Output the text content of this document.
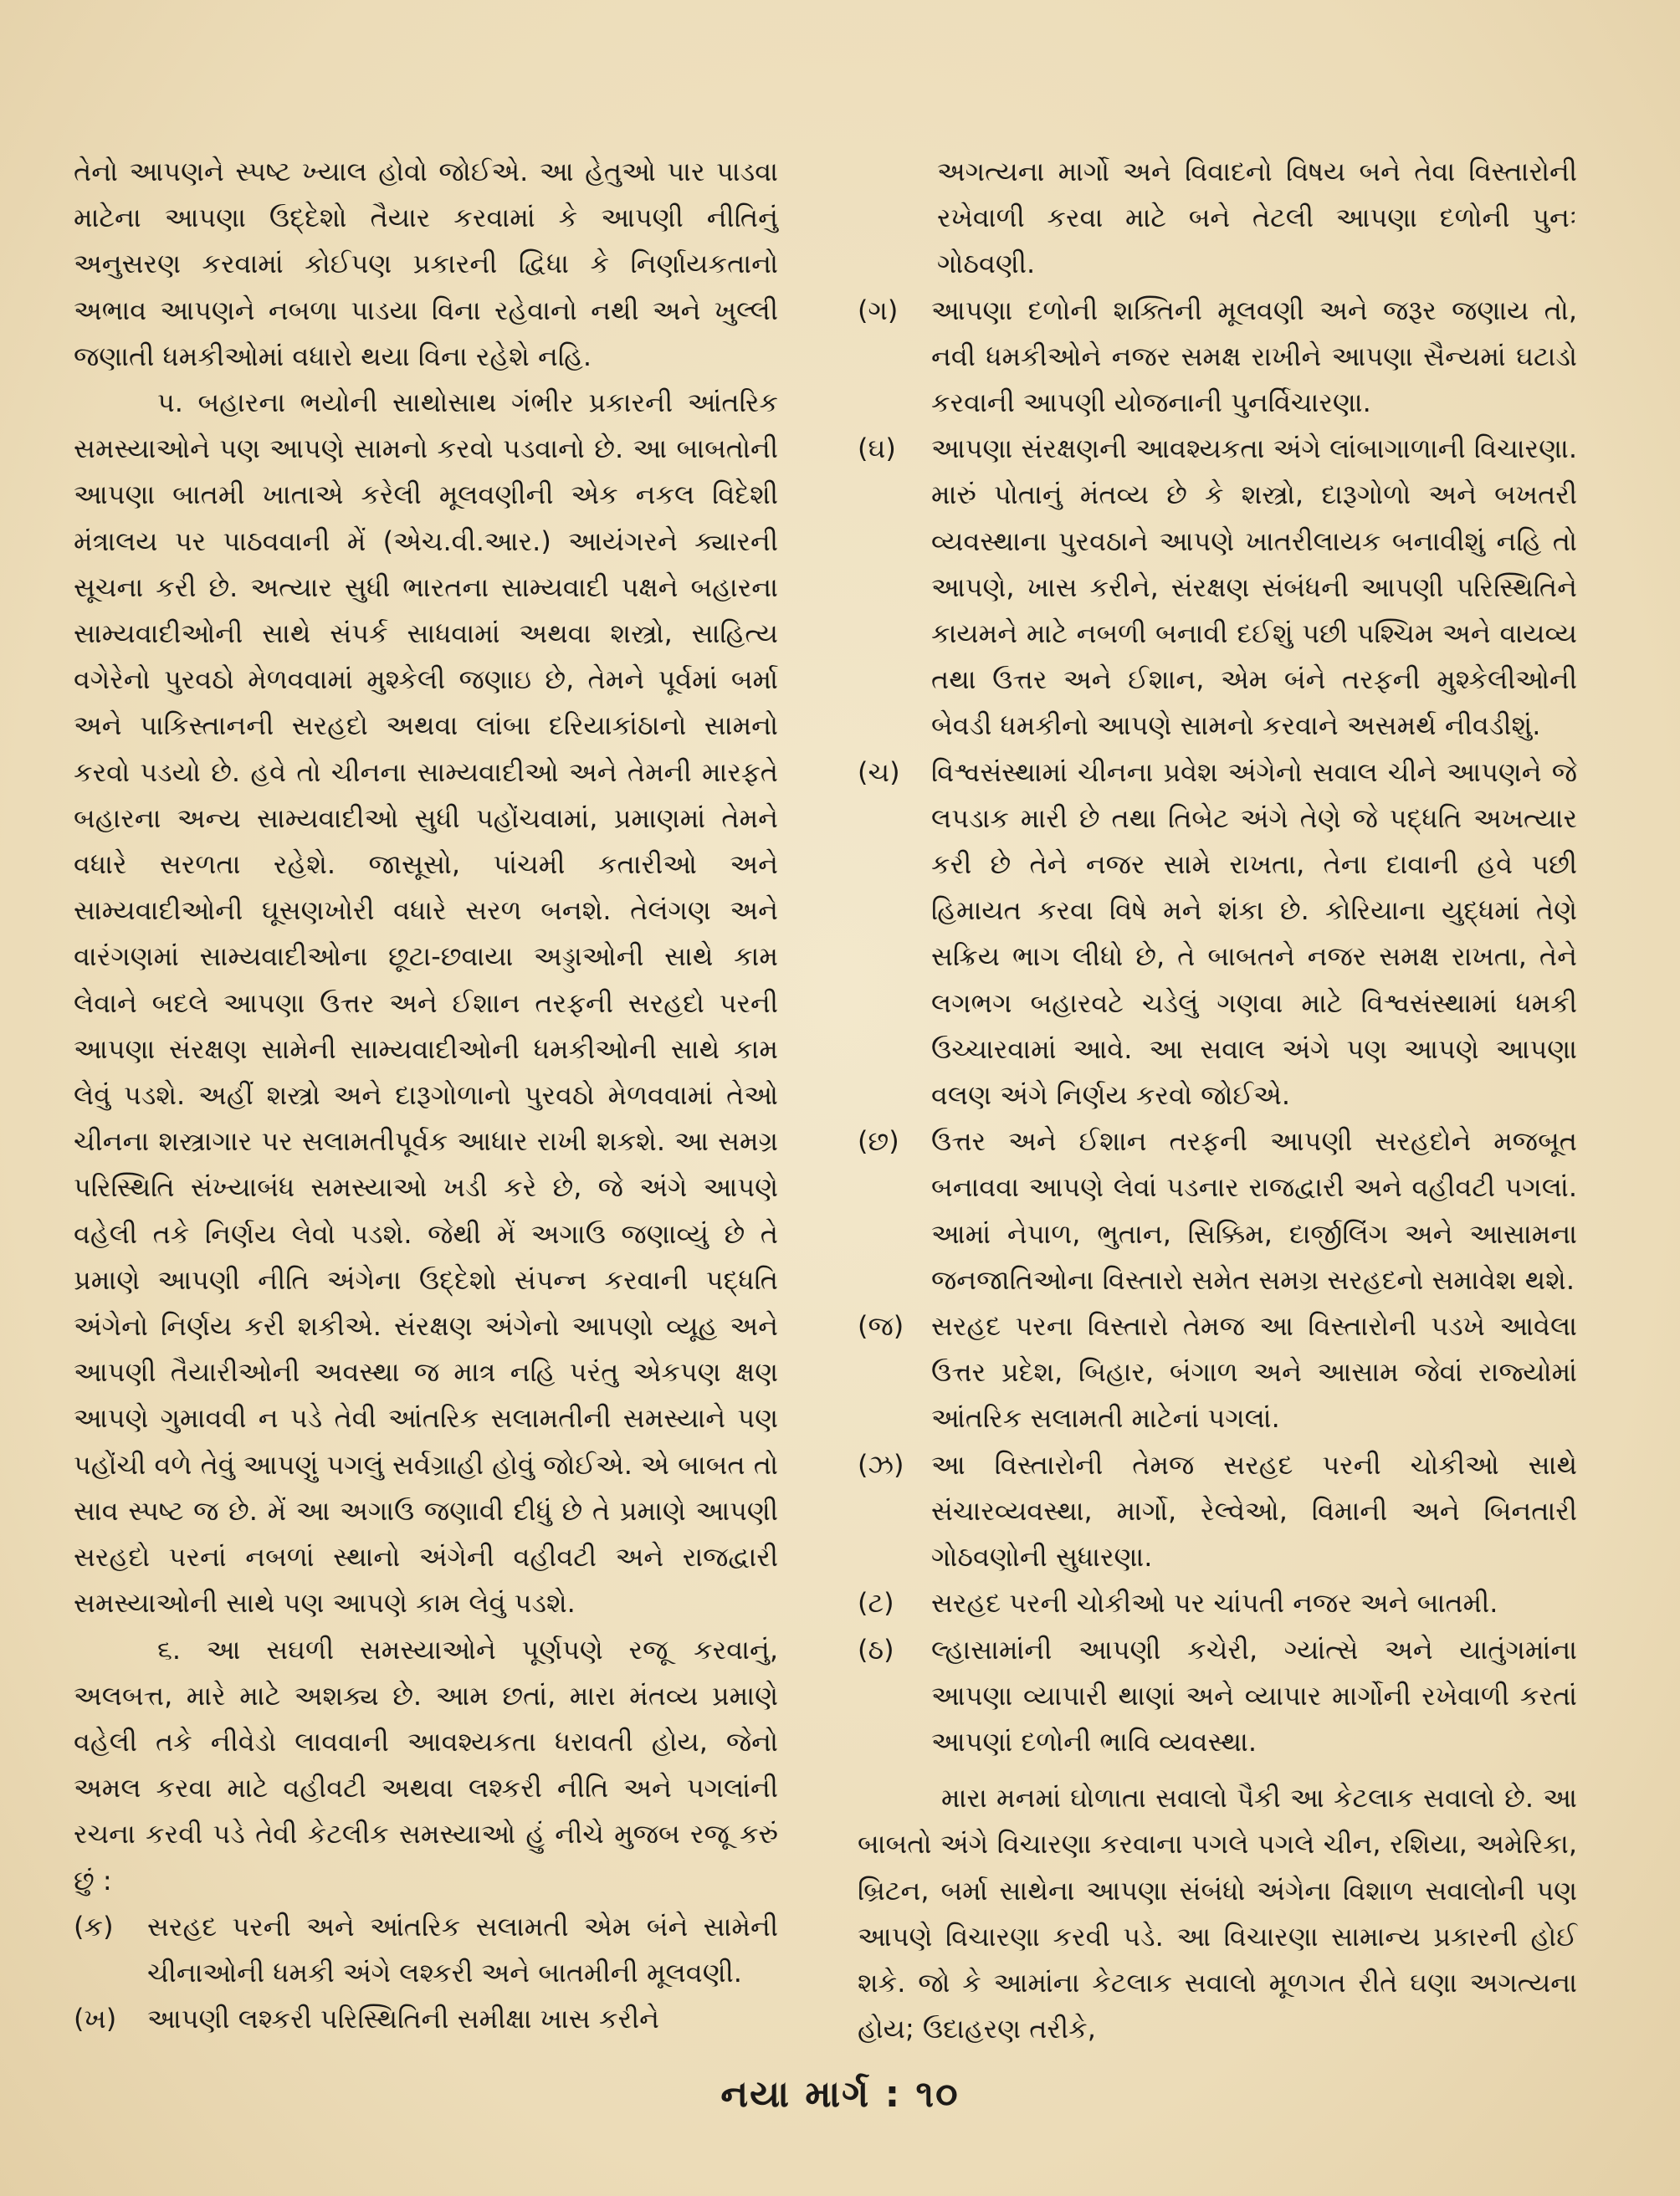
તેનો આપણને સ્પષ્ટ ખ્યાલ હોવો જોઈએ. આ હેતુઓ પાર પાડવા માટેના આપણા ઉદ્દેશો તૈયાર કરવામાં કે આપણી નીતિનું અનુસરણ કરવામાં કોઈપણ પ્રકારની દ્વિધા કે નિર્ણાયકતાનો અભાવ આપણને નબળા પાડયા વિના રહેવાનો નથી અને ખુલ્લી જણાતી ધમકીઓમાં વધારો થયા વિના રહેશે નહિ.

પ. બહારના ભયોની સાથોસાથ ગંભીર પ્રકારની આંતરિક સમસ્યાઓને પણ આપણે સામનો કરવો પડવાનો છે. આ બાબતોની આપણા બાતમી ખાતાએ કરેલી મૂલવણીની એક નકલ વિદેશી મંત્રાલય પર પાઠવવાની મેં (એચ.વી.આર.) આયંગરને ક્યારની સૂચના કરી છે. અત્યાર સુધી ભારતના સામ્યવાદી પક્ષને બહારના સામ્યવાદીઓની સાથે સંપર્ક સાધવામાં અથવા શસ્ત્રો, સાહિત્ય વગેરેનો પુરવઠો મેળવવામાં મુશ્કેલી જણાઇ છે, તેમને પૂર્વમાં બર્મા અને પાકિસ્તાનની સરહદો અથવા લાંબા દરિયાકાંઠાનો સામનો કરવો પડયો છે. હવે તો ચીનના સામ્યવાદીઓ અને તેમની મારફતે બહારના અન્ય સામ્યવાદીઓ સુધી પહોંચવામાં, પ્રમાણમાં તેમને વધારે સરળતા રહેશે. જાસૂસો, પાંચમી કતારીઓ અને સામ્યવાદીઓની ઘૂસણખોરી વધારે સરળ બનશે. તેલંગણ અને વારંગણમાં સામ્યવાદીઓના છૂટા-છવાયા અડ્ડાઓની સાથે કામ લેવાને બદલે આપણા ઉત્તર અને ઈશાન તરફની સરહદો પરની આપણા સંરક્ષણ સામેની સામ્યવાદીઓની ધમકીઓની સાથે કામ લેવું પડશે. અહીં શસ્ત્રો અને દારૂગોળાનો પુરવઠો મેળવવામાં તેઓ ચીનના શસ્ત્રાગાર પર સલામતીપૂર્વક આધાર રાખી શકશે. આ સમગ્ર પરિસ્થિતિ સંખ્યાબંધ સમસ્યાઓ ખડી કરે છે, જે અંગે આપણે વહેલી તકે નિર્ણય લેવો પડશે. જેથી મેં અગાઉ જણાવ્યું છે તે પ્રમાણે આપણી નીતિ અંગેના ઉદ્દેશો સંપન્ન કરવાની પદ્ધતિ અંગેનો નિર્ણય કરી શકીએ. સંરક્ષણ અંગેનો આપણો વ્યૂહ અને આપણી તૈયારીઓની અવસ્થા જ માત્ર નહિ પરંતુ એકપણ ક્ષણ આપણે ગુમાવવી ન પડે તેવી આંતરિક સલામતીની સમસ્યાને પણ પહોંચી વળે તેવું આપણું પગલું સર્વગ્રાહી હોવું જોઈએ. એ બાબત તો સાવ સ્પષ્ટ જ છે. મેં આ અગાઉ જણાવી દીધું છે તે પ્રમાણે આપણી સરહદો પરનાં નબળાં સ્થાનો અંગેની વહીવટી અને રાજદ્વારી સમસ્યાઓની સાથે પણ આપણે કામ લેવું પડશે.

૬. આ સઘળી સમસ્યાઓને પૂર્ણપણે રજૂ કરવાનું, અલબત્ત, મારે માટે અશક્ય છે. આમ છતાં, મારા મંતવ્ય પ્રમાણે વહેલી તકે નીવેડો લાવવાની આવશ્યકતા ધરાવતી હોય, જેનો અમલ કરવા માટે વહીવટી અથવા લશ્કરી નીતિ અને પગલાંની રચના કરવી પડે તેવી કેટલીક સમસ્યાઓ હું નીચે મુજબ રજૂ કરું છું :

(ક)	સરહદ પરની અને આંતરિક સલામતી એમ બંને સામેની ચીનાઓની ધમકી અંગે લશ્કરી અને બાતમીની મૂલવણી.
(ખ)	આપણી લશ્કરી પરિસ્થિતિની સમીક્ષા ખાસ કરીને

અગત્યના માર્ગો અને વિવાદનો વિષય બને તેવા વિસ્તારોની રખેવાળી કરવા માટે બને તેટલી આપણા દળોની પુનઃ ગોઠવણી.

(ગ)	આપણા દળોની શક્તિની મૂલવણી અને જરૂર જણાય તો, નવી ધમકીઓને નજર સમક્ષ રાખીને આપણા સૈન્યમાં ઘટાડો કરવાની આપણી યોજનાની પુનર્વિચારણા.
(ઘ)	આપણા સંરક્ષણની આવશ્યકતા અંગે લાંબાગાળાની વિચારણા. મારું પોતાનું મંતવ્ય છે કે શસ્ત્રો, દારૂગોળો અને બખતરી વ્યવસ્થાના પુરવઠાને આપણે ખાતરીલાયક બનાવીશું નહિ તો આપણે, ખાસ કરીને, સંરક્ષણ સંબંધની આપણી પરિસ્થિતિને કાયમને માટે નબળી બનાવી દઈશું પછી પશ્ચિમ અને વાયવ્ય તથા ઉત્તર અને ઈશાન, એમ બંને તરફની મુશ્કેલીઓની બેવડી ધમકીનો આપણે સામનો કરવાને અસમર્થ નીવડીશું.
(ચ)	વિશ્વસંસ્થામાં ચીનના પ્રવેશ અંગેનો સવાલ ચીને આપણને જે લપડાક મારી છે તથા તિબેટ અંગે તેણે જે પદ્ધતિ અખત્યાર કરી છે તેને નજર સામે રાખતા, તેના દાવાની હવે પછી હિમાયત કરવા વિષે મને શંકા છે. કોરિયાના યુદ્ધમાં તેણે સક્રિય ભાગ લીધો છે, તે બાબતને નજર સમક્ષ રાખતા, તેને લગભગ બહારવટે ચડેલું ગણવા માટે વિશ્વસંસ્થામાં ધમકી ઉચ્ચારવામાં આવે. આ સવાલ અંગે પણ આપણે આપણા વલણ અંગે નિર્ણય કરવો જોઈએ.
(છ)	ઉત્તર અને ઈશાન તરફની આપણી સરહદોને મજબૂત બનાવવા આપણે લેવાં પડનાર રાજદ્વારી અને વહીવટી પગલાં. આમાં નેપાળ, ભુતાન, સિક્કિમ, દાર્જીલિંગ અને આસામના જનજાતિઓના વિસ્તારો સમેત સમગ્ર સરહદનો સમાવેશ થશે.
(જ)	સરહદ પરના વિસ્તારો તેમજ આ વિસ્તારોની પડખે આવેલા ઉત્તર પ્રદેશ, બિહાર, બંગાળ અને આસામ જેવાં રાજ્યોમાં આંતરિક સલામતી માટેનાં પગલાં.
(ઝ)	આ વિસ્તારોની તેમજ સરહદ પરની ચોકીઓ સાથે સંચારવ્યવસ્થા, માર્ગો, રેલ્વેઓ, વિમાની અને બિનતારી ગોઠવણોની સુધારણા.
(ટ)	સરહદ પરની ચોકીઓ પર ચાંપતી નજર અને બાતમી.
(ઠ)	લ્હાસામાંની આપણી કચેરી, ગ્યાંત્સે અને યાતુંગમાંના આપણા વ્યાપારી થાણાં અને વ્યાપાર માર્ગોની રખેવાળી કરતાં આપણાં દળોની ભાવિ વ્યવસ્થા.

મારા મનમાં ઘોળાતા સવાલો પૈકી આ કેટલાક સવાલો છે. આ બાબતો અંગે વિચારણા કરવાના પગલે પગલે ચીન, રશિયા, અમેરિકા, બ્રિટન, બર્મા સાથેના આપણા સંબંધો અંગેના વિશાળ સવાલોની પણ આપણે વિચારણા કરવી પડે. આ વિચારણા સામાન્ય પ્રકારની હોઈ શકે. જો કે આમાંના કેટલાક સવાલો મૂળગત રીતે ઘણા અગત્યના હોય; ઉદાહરણ તરીકે,

નયા માર્ગ : ૧૦
